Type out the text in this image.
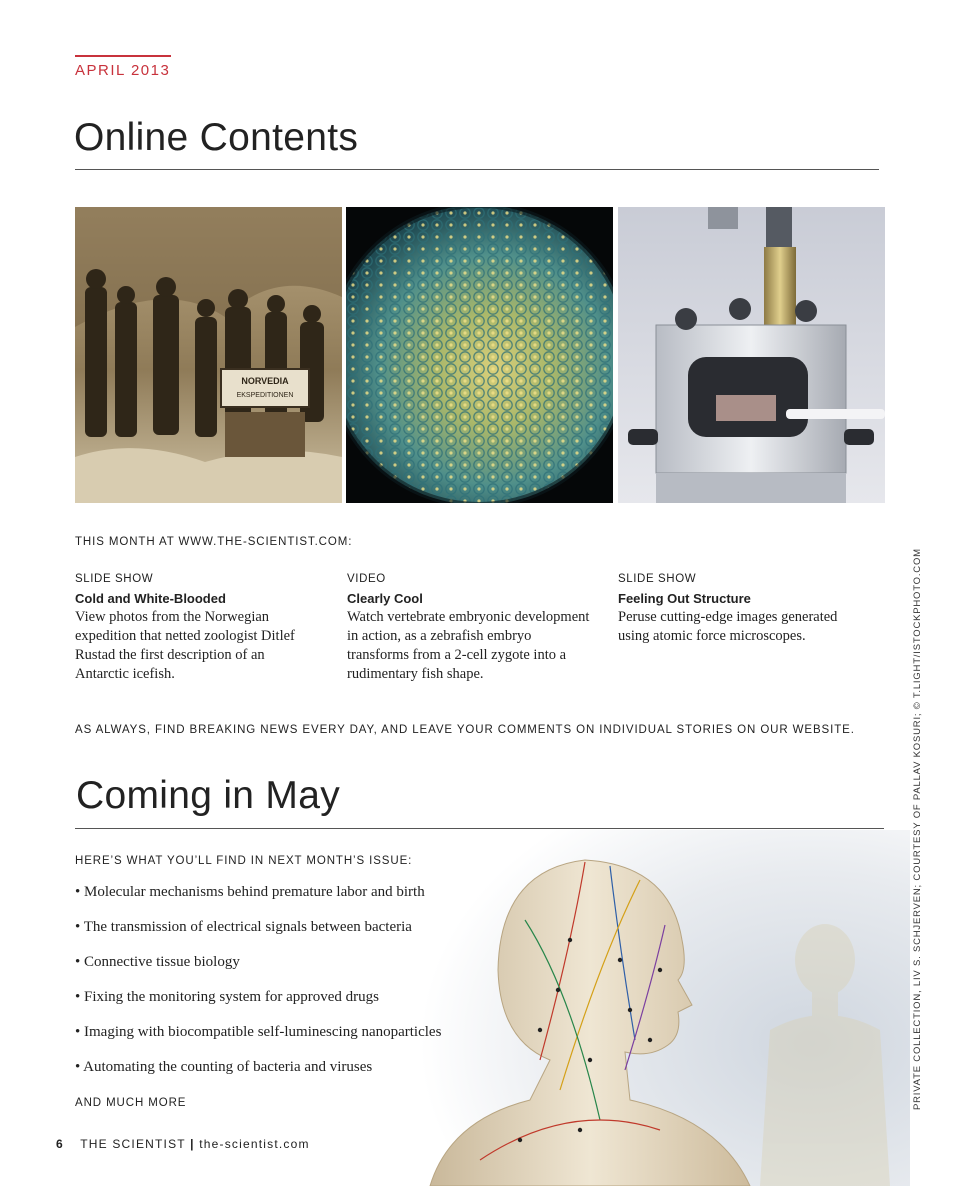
APRIL 2013
Online Contents
NORVEDIA
EKSPEDITIONEN
THIS MONTH AT WWW.THE-SCIENTIST.COM:
SLIDE SHOW
Cold and White-Blooded
View photos from the Norwegian expedition that netted zoologist Ditlef Rustad the first description of an Antarctic icefish.
VIDEO
Clearly Cool
Watch vertebrate embryonic development in action, as a zebrafish embryo transforms from a 2-cell zygote into a rudimentary fish shape.
SLIDE SHOW
Feeling Out Structure
Peruse cutting-edge images generated using atomic force microscopes.
AS ALWAYS, FIND BREAKING NEWS EVERY DAY, AND LEAVE YOUR COMMENTS ON INDIVIDUAL STORIES ON OUR WEBSITE.
Coming in May
HERE’S WHAT YOU’LL FIND IN NEXT MONTH’S ISSUE:
• Molecular mechanisms behind premature labor and birth
• The transmission of electrical signals between bacteria
• Connective tissue biology
• Fixing the monitoring system for approved drugs
• Imaging with biocompatible self-luminescing nanoparticles
• Automating the counting of bacteria and viruses
AND MUCH MORE	PRIVATE COLLECTION, LIV S. SCHJERVEN; COURTESY OF PALLAV KOSURI; © T.LIGHT/ISTOCKPHOTO.COM
6 THE SCIENTIST | the-scientist.com
